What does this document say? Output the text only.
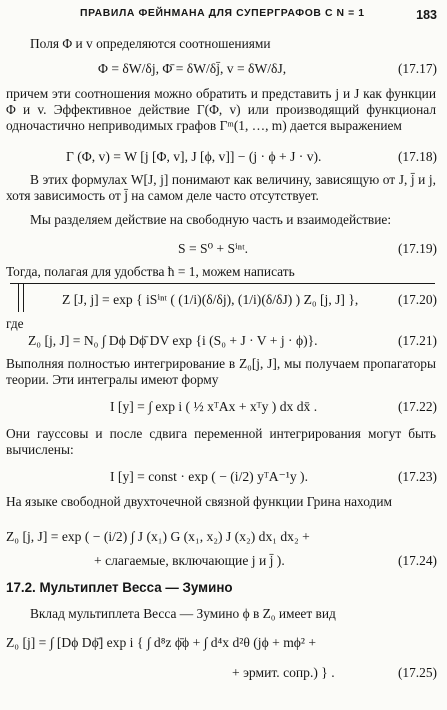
ПРАВИЛА ФЕЙНМАНА ДЛЯ СУПЕРГРАФОВ С N = 1	183

Поля Φ и v определяются соотношениями

Φ = δW/δj, Φ̄ = δW/δj̄, v = δW/δJ,	(17.17)

причем эти соотношения можно обратить и представить j и J как функции Φ и v. Эффективное действие Γ(Φ, v) или производящий функционал одночастично неприводимых графов Γᵐ(1, …, m) дается выражением

Γ (Φ, v) = W [j [Φ, v], J [ϕ, v]] − (j · ϕ + J · v).	(17.18)

В этих формулах W[J, j] понимают как величину, зависящую от J, j̄ и j, хотя зависимость от j̄ на самом деле часто отсутствует.

Мы разделяем действие на свободную часть и взаимодействие:

S = S⁰ + Sⁱⁿᵗ.	(17.19)

Тогда, полагая для удобства ħ = 1, можем написать

Z [J, j] = exp { iSⁱⁿᵗ ( (1/i)(δ/δj), (1/i)(δ/δJ) ) Z₀ [j, J] },	(17.20)

где

Z₀ [j, J] = N₀ ∫ Dϕ Dϕ̄ DV exp {i (S₀ + J · V + j · ϕ)}.	(17.21)

Выполняя полностью интегрирование в Z₀[j, J], мы получаем пропагаторы теории. Эти интегралы имеют форму

I [y] = ∫ exp i ( ½ xᵀAx + xᵀy ) dx dx̄ .	(17.22)

Они гауссовы и после сдвига переменной интегрирования могут быть вычислены:

I [y] = const · exp ( − (i/2) yᵀA⁻¹y ).	(17.23)

На языке свободной двухточечной связной функции Грина находим

Z₀ [j, J] = exp ( − (i/2) ∫ J (x₁) G (x₁, x₂) J (x₂) dx₁ dx₂ +
+ слагаемые, включающие j и j̄ ).	(17.24)
17.2. Мультиплет Весса — Зумино

Вклад мультиплета Весса — Зумино ϕ в Z₀ имеет вид

Z₀ [j] = ∫ [Dϕ Dϕ̄] exp i { ∫ d⁸z ϕ̄ϕ + ∫ d⁴x d²θ (jϕ + mϕ² +
+ эрмит. сопр.) } .	(17.25)
